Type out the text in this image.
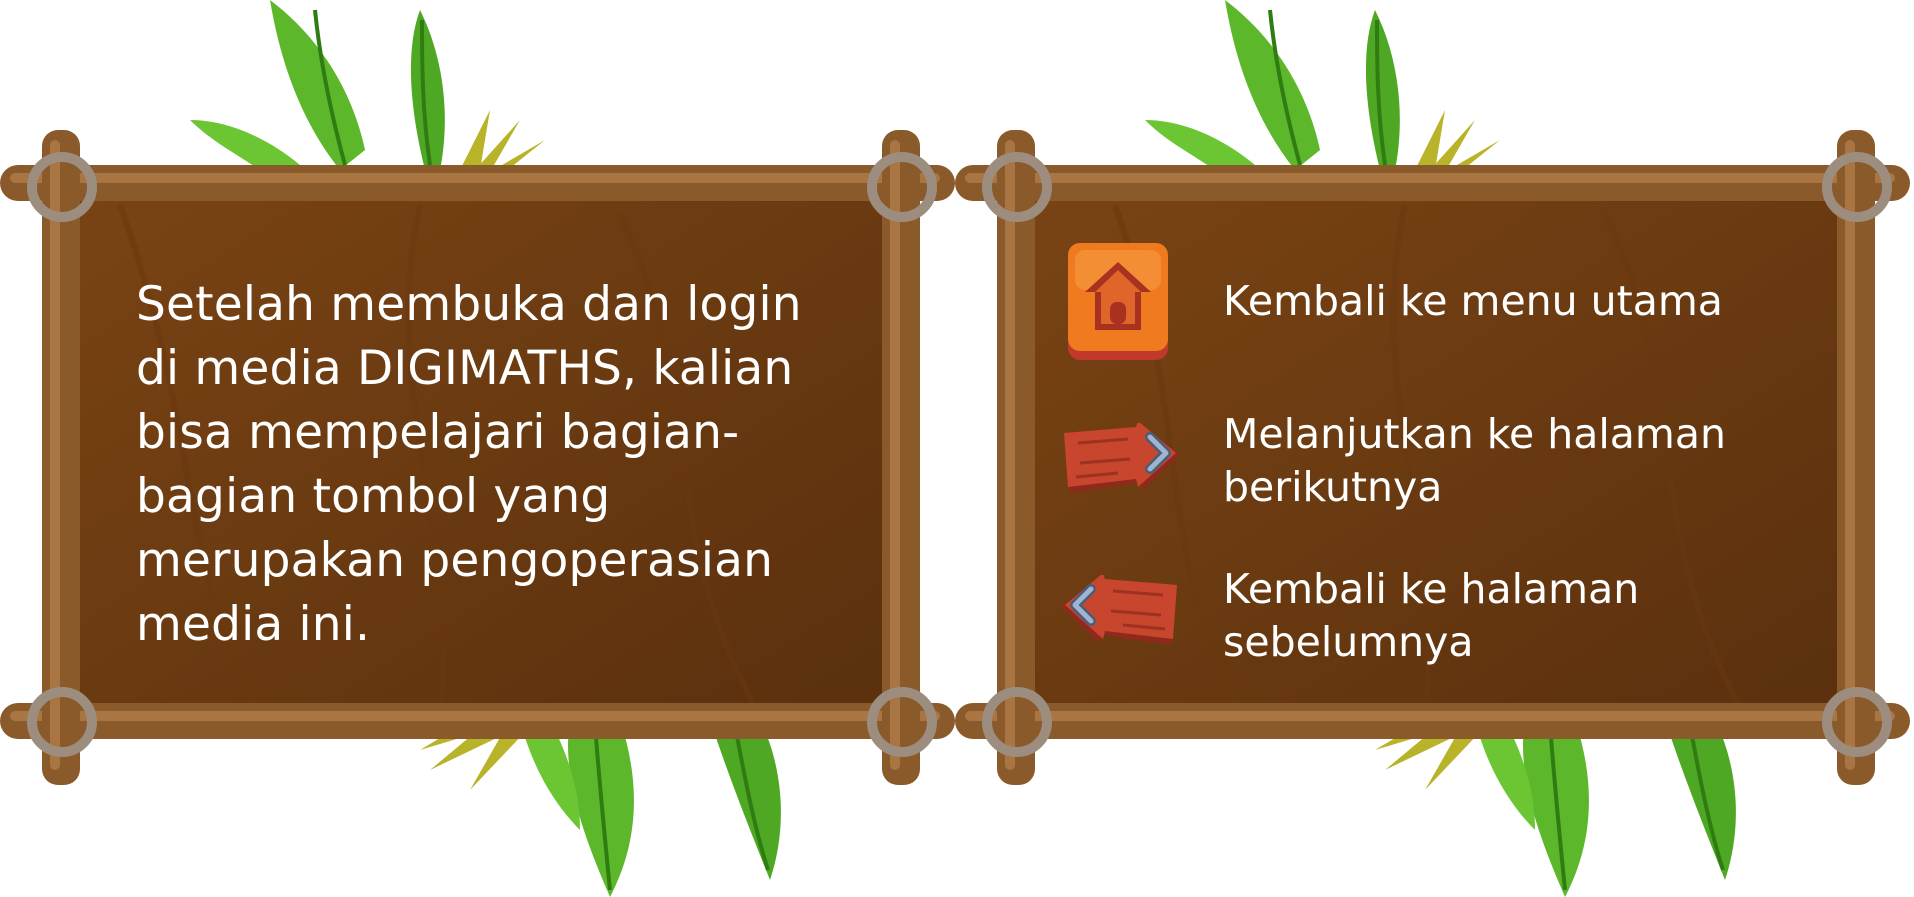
Setelah membuka dan login
di media DIGIMATHS, kalian
bisa mempelajari bagian-
bagian tombol yang
merupakan pengoperasian
media ini.
Kembali ke menu utama
Melanjutkan ke halaman
berikutnya
Kembali ke halaman
sebelumnya
